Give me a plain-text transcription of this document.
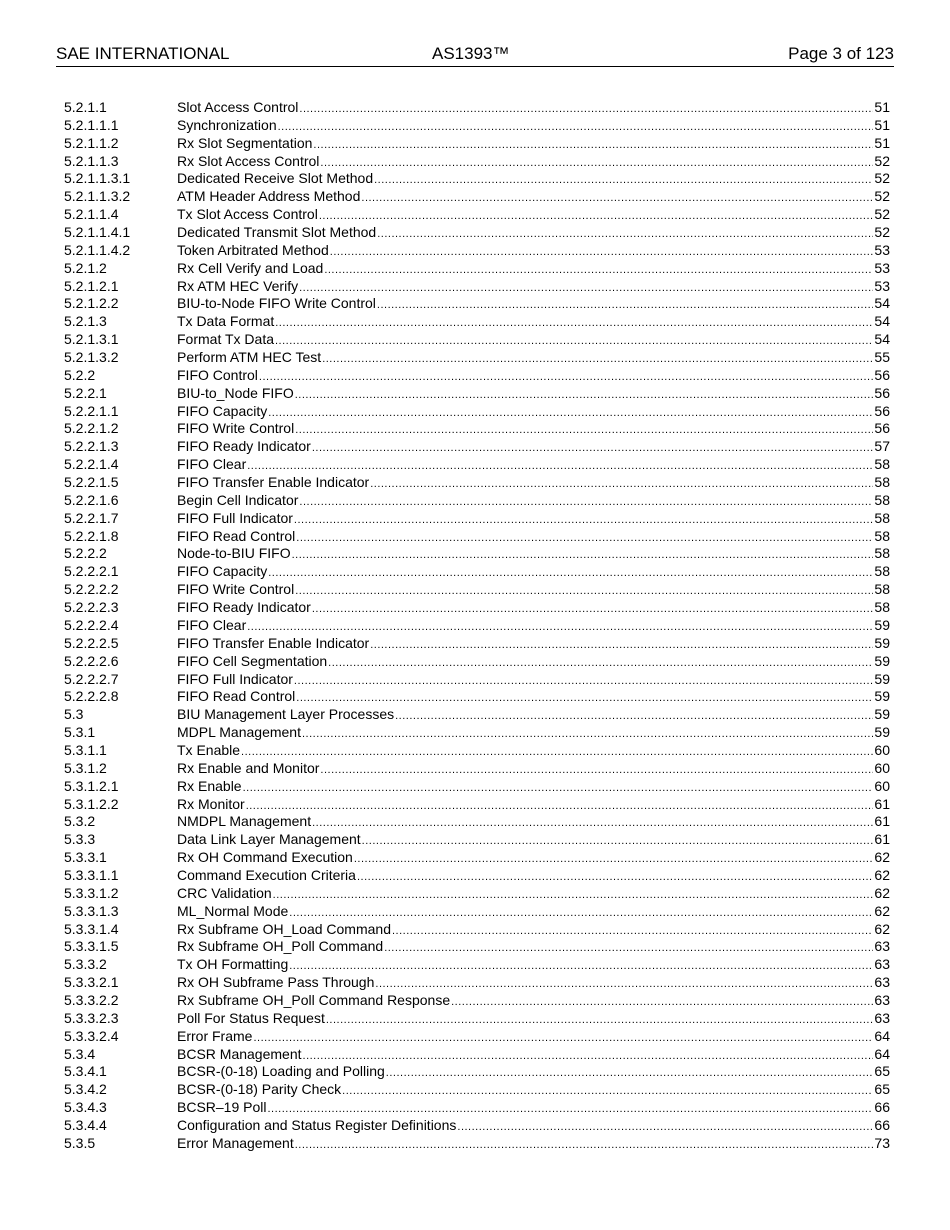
SAE INTERNATIONAL	AS1393™	Page 3 of 123
5.2.1.1	Slot Access Control .....	51
5.2.1.1.1	Synchronization .....	51
5.2.1.1.2	Rx Slot Segmentation .....	51
5.2.1.1.3	Rx Slot Access Control .....	52
5.2.1.1.3.1	Dedicated Receive Slot Method .....	52
5.2.1.1.3.2	ATM Header Address Method .....	52
5.2.1.1.4	Tx Slot Access Control .....	52
5.2.1.1.4.1	Dedicated Transmit Slot Method .....	52
5.2.1.1.4.2	Token Arbitrated Method .....	53
5.2.1.2	Rx Cell Verify and Load .....	53
5.2.1.2.1	Rx ATM HEC Verify .....	53
5.2.1.2.2	BIU-to-Node FIFO Write Control .....	54
5.2.1.3	Tx Data Format .....	54
5.2.1.3.1	Format Tx Data .....	54
5.2.1.3.2	Perform ATM HEC Test .....	55
5.2.2	FIFO Control .....	56
5.2.2.1	BIU-to_Node FIFO .....	56
5.2.2.1.1	FIFO Capacity .....	56
5.2.2.1.2	FIFO Write Control .....	56
5.2.2.1.3	FIFO Ready Indicator .....	57
5.2.2.1.4	FIFO Clear .....	58
5.2.2.1.5	FIFO Transfer Enable Indicator .....	58
5.2.2.1.6	Begin Cell Indicator .....	58
5.2.2.1.7	FIFO Full Indicator .....	58
5.2.2.1.8	FIFO Read Control .....	58
5.2.2.2	Node-to-BIU FIFO .....	58
5.2.2.2.1	FIFO Capacity .....	58
5.2.2.2.2	FIFO Write Control .....	58
5.2.2.2.3	FIFO Ready Indicator .....	58
5.2.2.2.4	FIFO Clear .....	59
5.2.2.2.5	FIFO Transfer Enable Indicator .....	59
5.2.2.2.6	FIFO Cell Segmentation .....	59
5.2.2.2.7	FIFO Full Indicator .....	59
5.2.2.2.8	FIFO Read Control .....	59
5.3	BIU Management Layer Processes .....	59
5.3.1	MDPL Management .....	59
5.3.1.1	Tx Enable .....	60
5.3.1.2	Rx Enable and Monitor .....	60
5.3.1.2.1	Rx Enable .....	60
5.3.1.2.2	Rx Monitor .....	61
5.3.2	NMDPL Management .....	61
5.3.3	Data Link Layer Management .....	61
5.3.3.1	Rx OH Command Execution .....	62
5.3.3.1.1	Command Execution Criteria .....	62
5.3.3.1.2	CRC Validation .....	62
5.3.3.1.3	ML_Normal Mode .....	62
5.3.3.1.4	Rx Subframe OH_Load Command .....	62
5.3.3.1.5	Rx Subframe OH_Poll Command .....	63
5.3.3.2	Tx OH Formatting .....	63
5.3.3.2.1	Rx OH Subframe Pass Through .....	63
5.3.3.2.2	Rx Subframe OH_Poll Command Response .....	63
5.3.3.2.3	Poll For Status Request .....	63
5.3.3.2.4	Error Frame .....	64
5.3.4	BCSR Management .....	64
5.3.4.1	BCSR-(0-18) Loading and Polling .....	65
5.3.4.2	BCSR-(0-18) Parity Check .....	65
5.3.4.3	BCSR–19 Poll .....	66
5.3.4.4	Configuration and Status Register Definitions .....	66
5.3.5	Error Management .....	73
